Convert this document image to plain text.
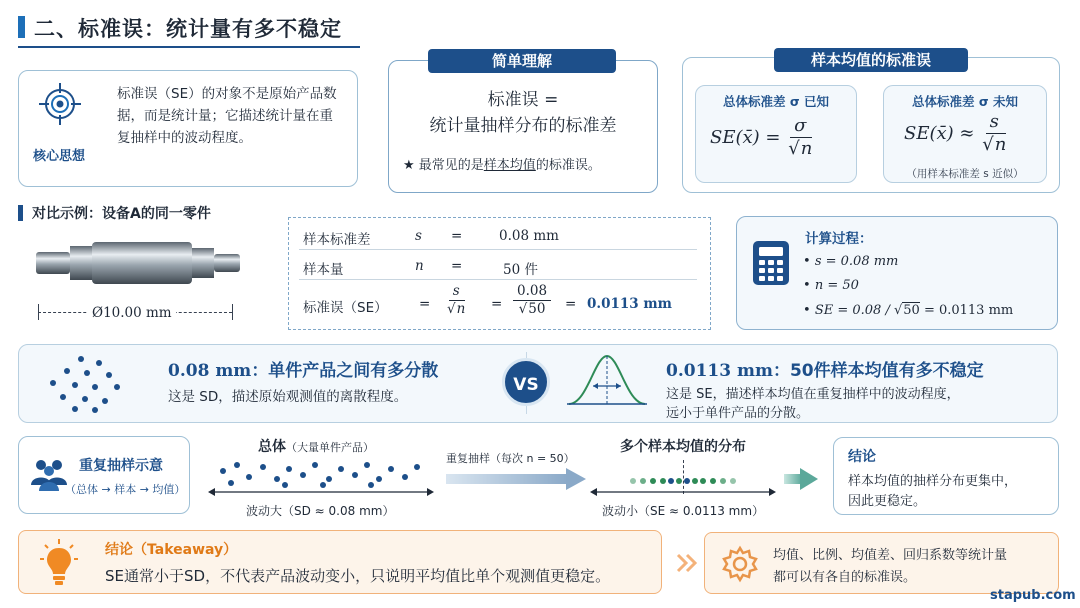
二、标准误：统计量有多不稳定
核心思想
标准误（SE）的对象不是原始产品数据，而是统计量；它描述统计量在重复抽样中的波动程度。
标准误 =
统计量抽样分布的标准差
★ 最常见的是样本均值的标准误。
简单理解	样本均值的标准误
总体标准差 σ 已知
SE(x̄) = $\frac{\sigma}{√n}$
总体标准差 σ 未知
SE(x̄) ≈ $\frac{s}{√n}$
（用样本标准差 s 近似）
对比示例：设备A的同一零件
Ø10.00 mm
样本标准差	s =	0.08 mm
样本量	n =	50 件
标准误$(SE) = \frac{s}{√n} = \frac{0.08}{√50} = 0.0113$ mm
计算过程：
• s = 0.08 mm
• n = 50
• SE = 0.08 / √50 = 0.0113 mm
0.08 mm：单件产品之间有多分散
这是 SD，描述原始观测值的离散程度。
VS
0.0113 mm：50件样本均值有多不稳定
这是 SE，描述样本均值在重复抽样中的波动程度，
远小于单件产品的分散。
重复抽样示意
（总体 → 样本 → 均值）
总体（大量单件产品）
波动大（SD ≈ 0.08 mm）
重复抽样（每次 n = 50）
多个样本均值的分布
波动小（SE ≈ 0.0113 mm）
结论
样本均值的抽样分布更集中，
因此更稳定。
结论（Takeaway）
SE通常小于SD，不代表产品波动变小，只说明平均值比单个观测值更稳定。
均值、比例、均值差、回归系数等统计量
都可以有各自的标准误。
stapub.com
